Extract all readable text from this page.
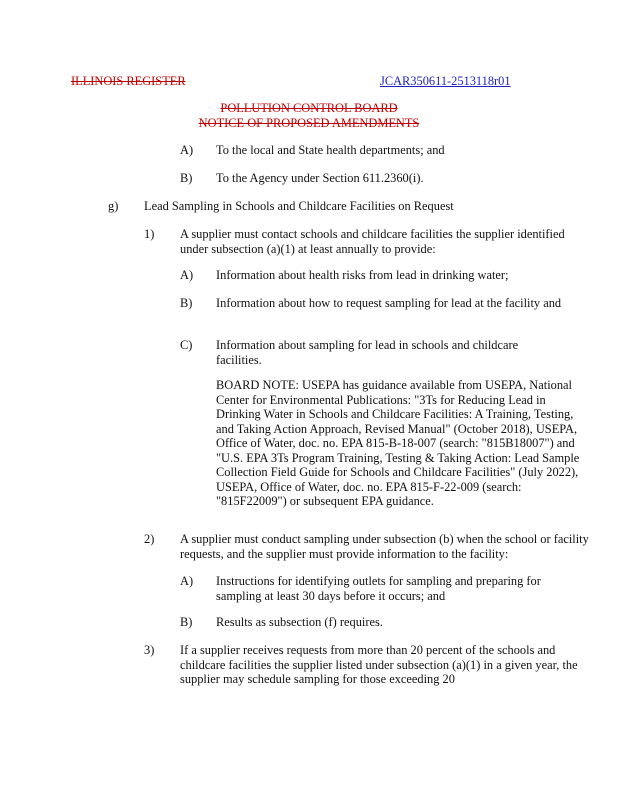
ILLINOIS REGISTER	JCAR350611-2513118r01
POLLUTION CONTROL BOARD
NOTICE OF PROPOSED AMENDMENTS
A) To the local and State health departments; and
B) To the Agency under Section 611.2360(i).
g) Lead Sampling in Schools and Childcare Facilities on Request
1) A supplier must contact schools and childcare facilities the supplier identified under subsection (a)(1) at least annually to provide:
A) Information about health risks from lead in drinking water;
B) Information about how to request sampling for lead at the facility and
C) Information about sampling for lead in schools and childcare facilities.
BOARD NOTE: USEPA has guidance available from USEPA, National Center for Environmental Publications: "3Ts for Reducing Lead in Drinking Water in Schools and Childcare Facilities: A Training, Testing, and Taking Action Approach, Revised Manual" (October 2018), USEPA, Office of Water, doc. no. EPA 815-B-18-007 (search: "815B18007") and "U.S. EPA 3Ts Program Training, Testing & Taking Action: Lead Sample Collection Field Guide for Schools and Childcare Facilities" (July 2022), USEPA, Office of Water, doc. no. EPA 815-F-22-009 (search: "815F22009") or subsequent EPA guidance.
2) A supplier must conduct sampling under subsection (b) when the school or facility requests, and the supplier must provide information to the facility:
A) Instructions for identifying outlets for sampling and preparing for sampling at least 30 days before it occurs; and
B) Results as subsection (f) requires.
3) If a supplier receives requests from more than 20 percent of the schools and childcare facilities the supplier listed under subsection (a)(1) in a given year, the supplier may schedule sampling for those exceeding 20
